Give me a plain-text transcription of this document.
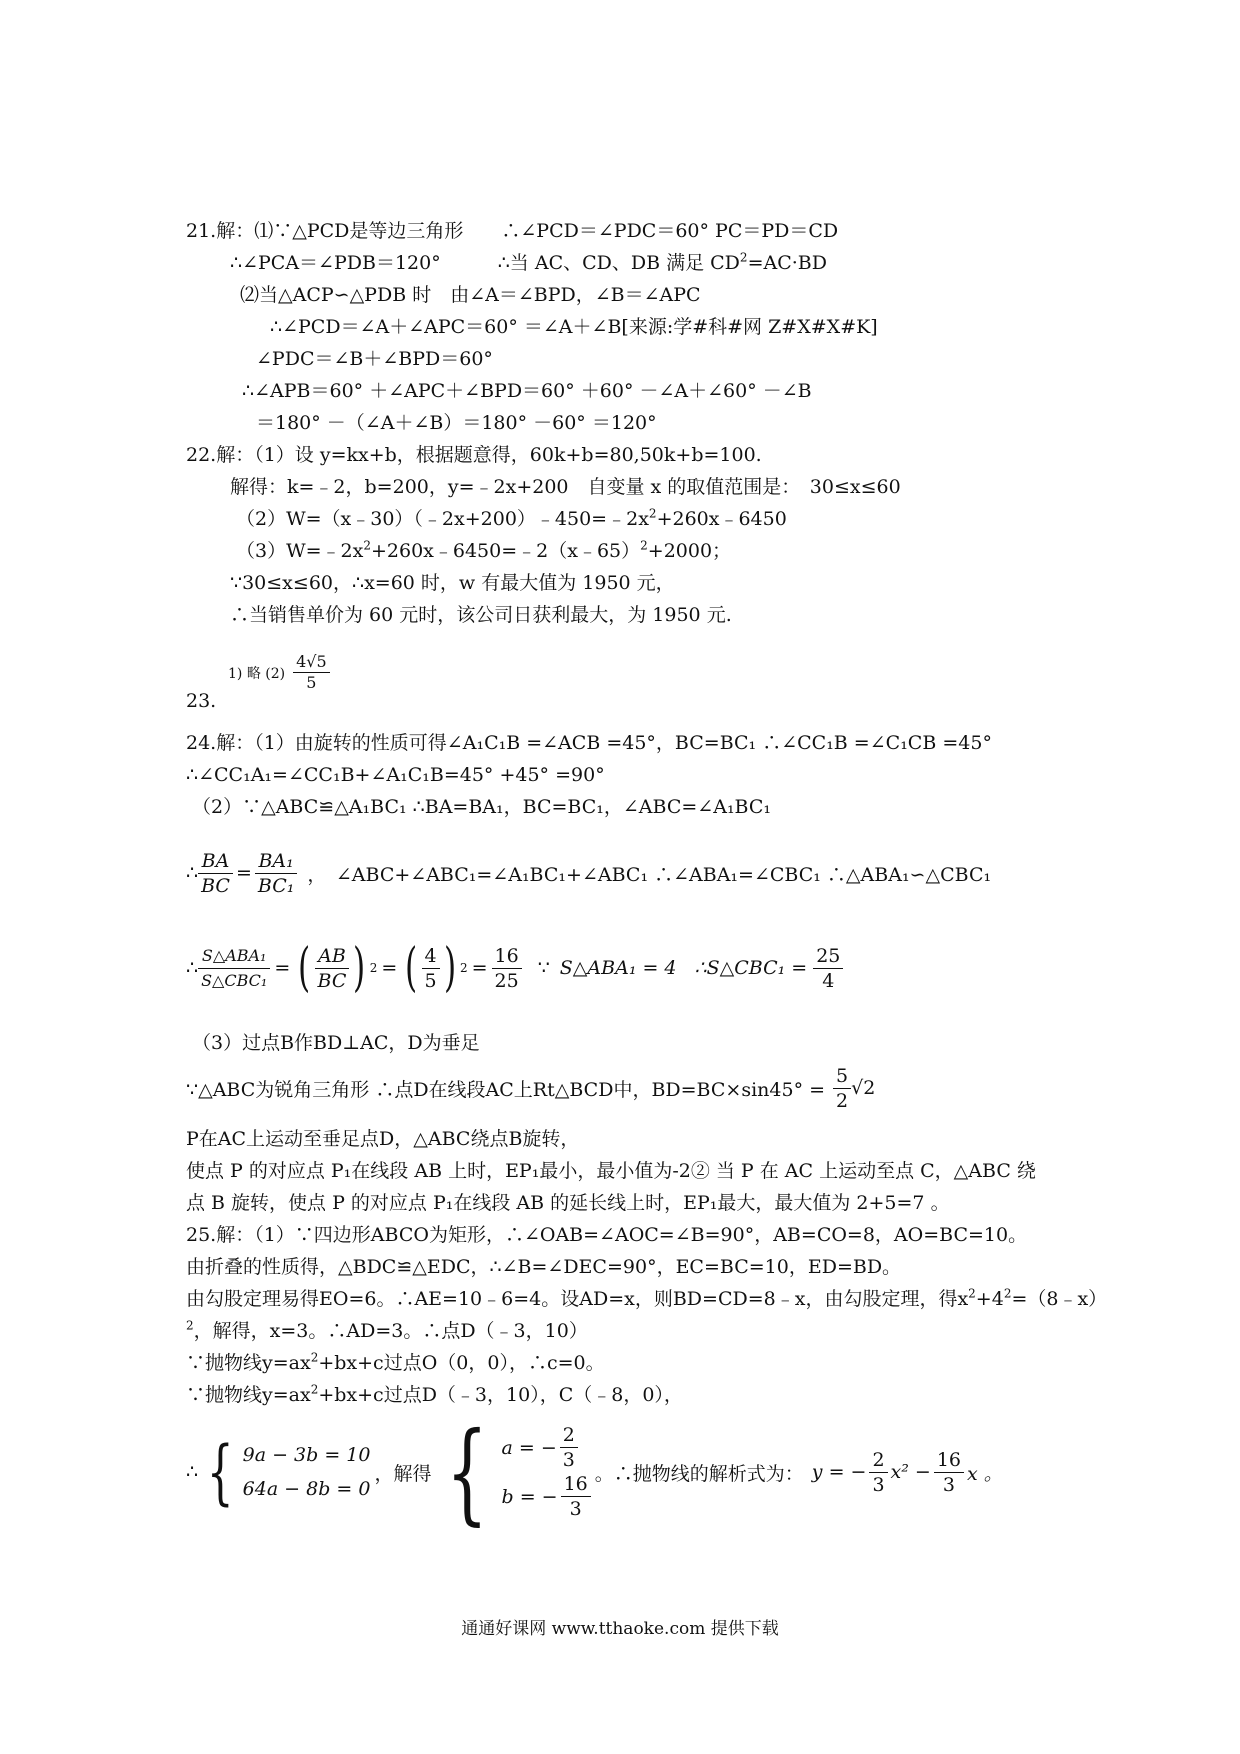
21.解：⑴∵△PCD是等边三角形　　∴∠PCD＝∠PDC＝60° PC＝PD＝CD
∴∠PCA＝∠PDB＝120°　　　∴当 AC、CD、DB 满足 $CD^2=AC\cdot BD$
⑵当△ACP∽△PDB 时　由∠A＝∠BPD，∠B＝∠APC
∴∠PCD＝∠A＋∠APC＝60° ＝∠A＋∠B[来源:学#科#网 Z#X#X#K]
∠PDC＝∠B＋∠BPD＝60°
∴∠APB＝60° ＋∠APC＋∠BPD＝60° ＋60° －∠A＋∠60° －∠B
＝180° －（∠A＋∠B）＝180° －60° ＝120°
22.解：（1）设 y=kx+b，根据题意得，60k+b=80,50k+b=100.
解得：k=﹣2，b=200，y=﹣2x+200　自变量 x 的取值范围是：　30≤x≤60
$(2)W=(x﹣30)(﹣2x+200)﹣450=﹣2x^2+260x﹣6450$
$(3)W=﹣2x^2+260x﹣6450=﹣2(x﹣65)^2+2000$；
∵30≤x≤60，∴x=60 时，w 有最大值为 1950 元，
∴当销售单价为 60 元时，该公司日获利最大，为 1950 元.
1) 略 $(2) \frac{4√5}{5}$
23.
24.解：（1）由旋转的性质可得∠A₁C₁B =∠ACB =45°，BC=BC₁ ∴∠CC₁B =∠C₁CB =45°
∴∠CC₁A₁=∠CC₁B+∠A₁C₁B=45° +45° =90°
（2）∵△ABC≌△A₁BC₁ ∴BA=BA₁，BC=BC₁，∠ABC=∠A₁BC₁
∴ $\frac{BA}{BC} = \frac{\text{BA₁}}{\text{BC₁}}$ ，　∠ABC+∠ABC₁=∠A₁BC₁+∠ABC₁ ∴∠ABA₁=∠CBC₁ ∴△ABA₁∽△CBC₁
∴ $\frac{\text{S△ABA₁}}{\text{S△CBC₁}}$ = ( $\frac{AB}{BC}$ ) 2 = ( $\frac{4}{5}$ ) $2 = \frac{16}{25}$ ∵ S△ABA₁ = 4 ∴S△CBC₁ = $\frac{25}{4}$
（3）过点B作BD⊥AC，D为垂足
∵△ABC为锐角三角形 ∴点D在线段AC上Rt△BCD中，$BD=BC\times\sin 45^\circ = \frac{5}{2} √2$
P在AC上运动至垂足点D，△ABC绕点B旋转，
使点 P 的对应点 P₁在线段 AB 上时，EP₁最小，最小值为-2② 当 P 在 AC 上运动至点 C，△ABC 绕
点 B 旋转，使点 P 的对应点 P₁在线段 AB 的延长线上时，EP₁最大，最大值为 2+5=7 。
25.解：（1）∵四边形ABCO为矩形，∴∠OAB=∠AOC=∠B=90°，AB=CO=8，AO=BC=10。
由折叠的性质得，△BDC≌△EDC，∴∠B=∠DEC=90°，EC=BC=10，ED=BD。
由勾股定理易得EO=6。∴AE=10﹣6=4。设AD=x，则BD=CD=8﹣x，由勾股定理，得$x^2+4^2=(8﹣x)$
$^2$，解得，x=3。∴AD=3。∴点D（﹣3，10）
∵抛物线$y=ax^2+bx+c$过点O（0，0），∴c=0。
∵抛物线$y=ax^2+bx+c$过点D（﹣3，10），C（﹣8，0），
∴ { 9a − 3b = 10
64a − 8b = 0
，解得 { a = − $\frac{2}{3}$
b = − $\frac{16}{3}$ 。∴抛物线的解析式为： y = − $\frac{2}{3} x^2 - \frac{16}{3}$ x 。
通通好课网 www.tthaoke.com 提供下载
